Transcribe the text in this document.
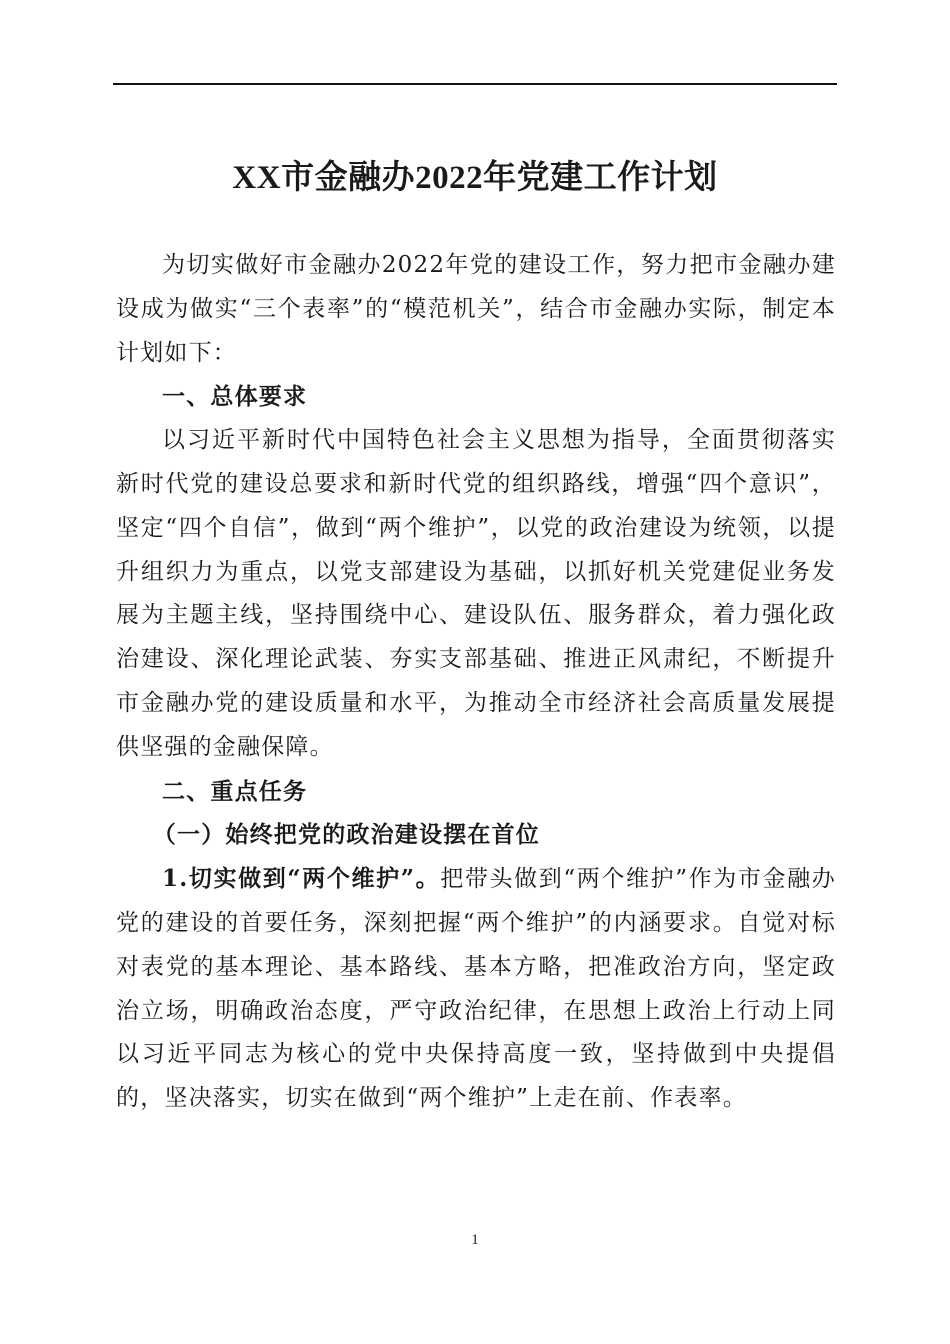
XX市金融办2022年党建工作计划

为切实做好市金融办2022年党的建设工作，努力把市金融办建设成为做实“三个表率”的“模范机关”，结合市金融办实际，制定本计划如下：

一、总体要求

以习近平新时代中国特色社会主义思想为指导，全面贯彻落实新时代党的建设总要求和新时代党的组织路线，增强“四个意识”，坚定“四个自信”，做到“两个维护”，以党的政治建设为统领，以提升组织力为重点，以党支部建设为基础，以抓好机关党建促业务发展为主题主线，坚持围绕中心、建设队伍、服务群众，着力强化政治建设、深化理论武装、夯实支部基础、推进正风肃纪，不断提升市金融办党的建设质量和水平，为推动全市经济社会高质量发展提供坚强的金融保障。

二、重点任务

（一）始终把党的政治建设摆在首位

1.切实做到“两个维护”。把带头做到“两个维护”作为市金融办党的建设的首要任务，深刻把握“两个维护”的内涵要求。自觉对标对表党的基本理论、基本路线、基本方略，把准政治方向，坚定政治立场，明确政治态度，严守政治纪律，在思想上政治上行动上同以习近平同志为核心的党中央保持高度一致，坚持做到中央提倡的，坚决落实，切实在做到“两个维护”上走在前、作表率。

1
